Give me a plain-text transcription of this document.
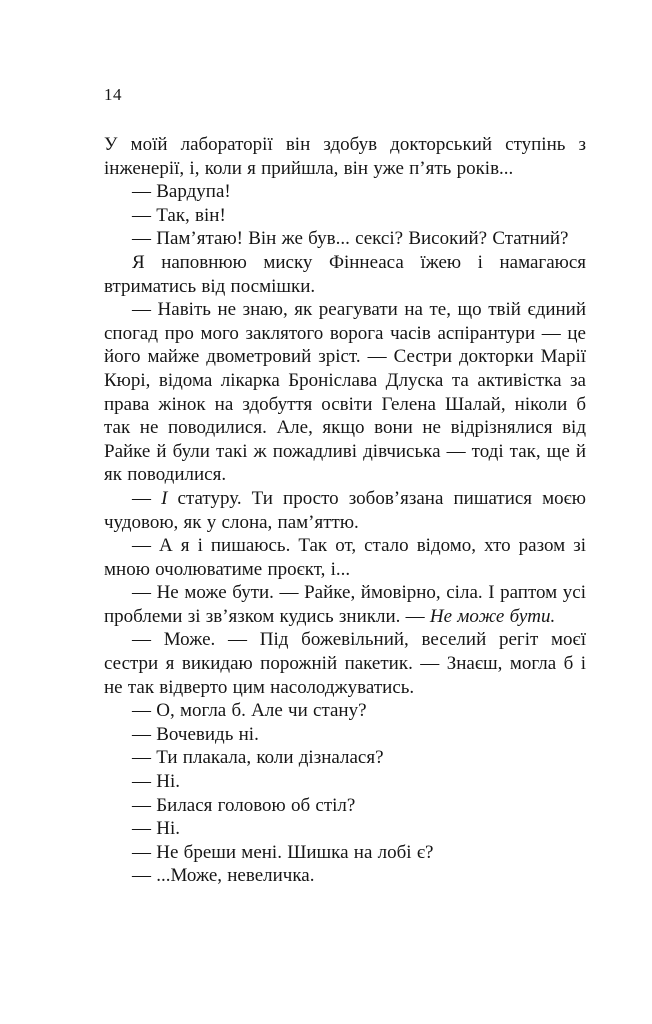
14

У моїй лабораторії він здобув докторський ступінь з інженерії, і, коли я прийшла, він уже п’ять років...

— Вардупа!

— Так, він!

— Пам’ятаю! Він же був... сексі? Високий? Статний?

Я наповнюю миску Фіннеаса їжею і намагаюся втриматись від посмішки.

— Навіть не знаю, як реагувати на те, що твій єдиний спогад про мого заклятого ворога часів аспірантури — це його майже двометровий зріст. — Сестри докторки Марії Кюрі, відома лікарка Броніслава Длуска та активістка за права жінок на здобуття освіти Гелена Шалай, ніколи б так не поводилися. Але, якщо вони не відрізнялися від Райке й були такі ж пожадливі дівчиська — тоді так, ще й як поводилися.

— І статуру. Ти просто зобов’язана пишатися моєю чудовою, як у слона, пам’яттю.

— А я і пишаюсь. Так от, стало відомо, хто разом зі мною очолюватиме проєкт, і...

— Не може бути. — Райке, ймовірно, сіла. І раптом усі проблеми зі зв’язком кудись зникли. — Не може бути.

— Може. — Під божевільний, веселий регіт моєї сестри я викидаю порожній пакетик. — Знаєш, могла б і не так відверто цим насолоджуватись.

— О, могла б. Але чи стану?

— Вочевидь ні.

— Ти плакала, коли дізналася?

— Ні.

— Билася головою об стіл?

— Ні.

— Не бреши мені. Шишка на лобі є?

— ...Може, невеличка.
